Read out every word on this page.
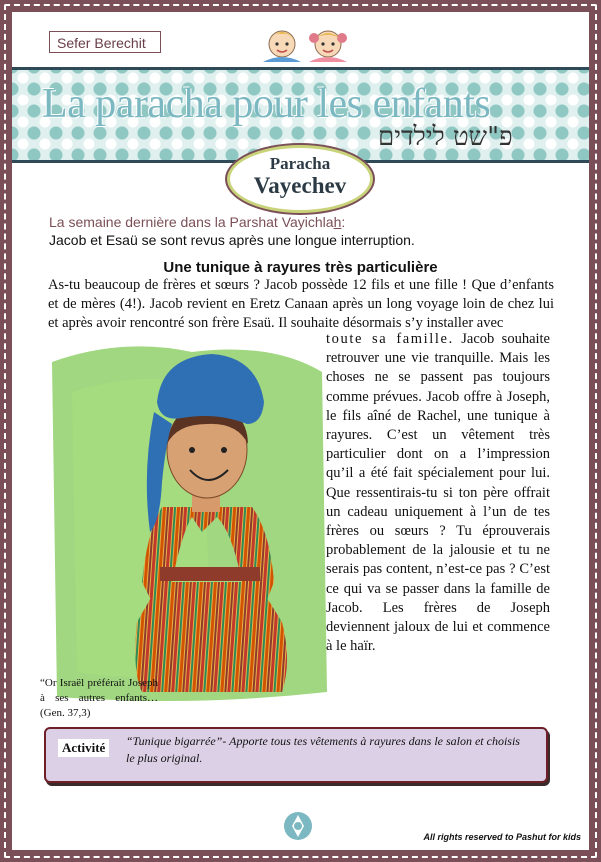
Sefer Berechit
La paracha pour les enfants
פ"שט לילדים
Paracha
Vayechev
La semaine dernière dans la Parshat Vayichlah:
Jacob et Esaü se sont revus après une longue interruption.
Une tunique à rayures très particulière
As-tu beaucoup de frères et sœurs ? Jacob possède 12 fils et une fille ! Que d’enfants et de mères (4!). Jacob revient en Eretz Canaan après un long voyage loin de chez lui et après avoir rencontré son frère Esaü. Il souhaite désormais s’y installer avec
toute sa famille. Jacob souhaite retrouver une vie tranquille. Mais les choses ne se passent pas toujours comme prévues. Jacob offre à Joseph, le fils aîné de Rachel, une tunique à rayures. C’est un vêtement très particulier dont on a l’impression qu’il a été fait spécialement pour lui. Que ressentirais-tu si ton père offrait un cadeau uniquement à l’un de tes frères ou sœurs ? Tu éprouverais probablement de la jalousie et tu ne serais pas content, n’est-ce pas ? C’est ce qui va se passer dans la famille de Jacob. Les frères de Joseph deviennent jaloux de lui et commence à le haïr.
“Or Israël préférait Joseph à ses autres enfants…(Gen. 37,3)
Activité	“Tunique bigarrée”- Apporte tous tes vêtements à rayures dans le salon et choisis le plus original.
All rights reserved to Pashut for kids
